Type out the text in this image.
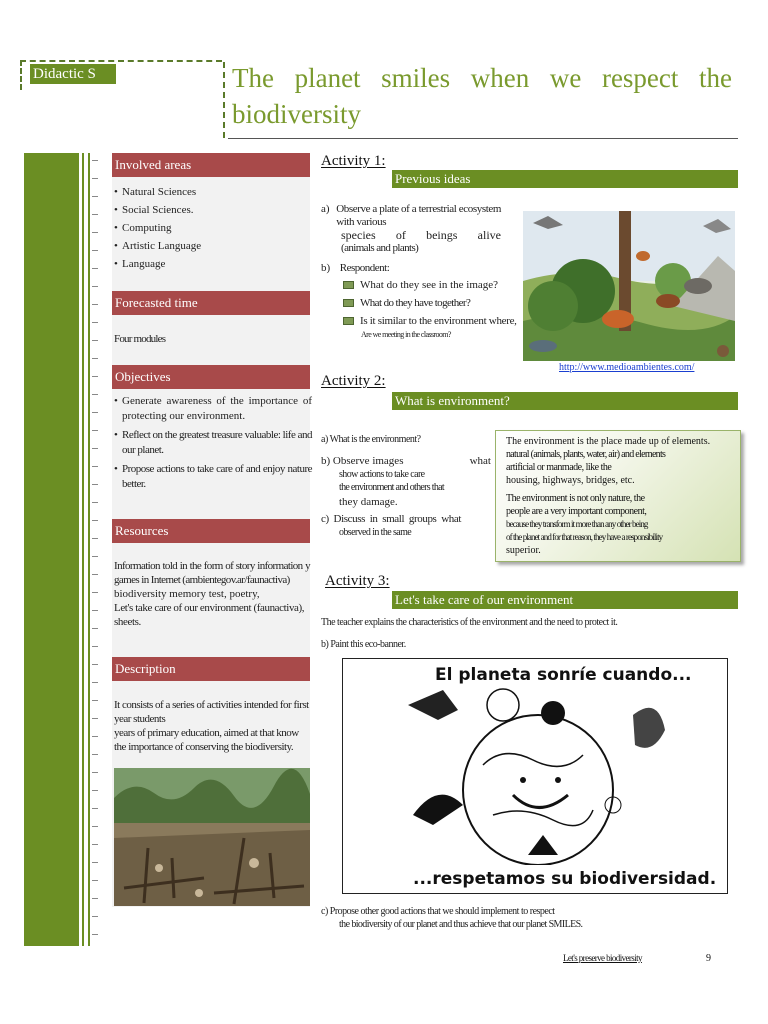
Didactic S	The planet smiles when we respect the biodiversity
Involved areas
• Natural Sciences
• Social Sciences.
• Computing
• Artistic Language
• Language
Forecasted time
Four modules
Objectives
• Generate awareness of the importance of protecting our environment.
• Reflect on the greatest treasure valuable: life and our planet.
• Propose actions to take care of and enjoy nature better.
Resources
Information told in the form of story information y games in Internet (ambientegov.ar/faunactiva)
biodiversity memory test, poetry,
Let's take care of our environment (faunactiva), sheets.
Description
It consists of a series of activities intended for first year students
years of primary education, aimed at that know the importance of conserving the biodiversity.
Activity 1:
Previous ideas
a) Observe a plate of a terrestrial ecosystem with various
species of beings alive
(animals and plants)
b) Respondent:
What do they see in the image?
What do they have together?
Is it similar to the environment where,
Are we meeting in the classroom?
http://www.medioambientes.com/
Activity 2:
What is environment?
a) What is the environment?
b) Observe images	what
show actions to take care
the environment and others that
they damage.
c) Discuss in small groups what
observed in the same
The environment is the place made up of elements.
natural (animals, plants, water, air) and elements
artificial or manmade, like the
housing, highways, bridges, etc.
The environment is not only nature, the
people are a very important component,
because they transform it more than any other being
of the planet and for that reason, they have a responsibility
superior.
Activity 3:
Let's take care of our environment
The teacher explains the characteristics of the environment and the need to protect it.
b) Paint this eco-banner.
El planeta sonríe cuando...
...respetamos su biodiversidad.
c) Propose other good actions that we should implement to respect
the biodiversity of our planet and thus achieve that our planet SMILES.
Let's preserve biodiversity	9
